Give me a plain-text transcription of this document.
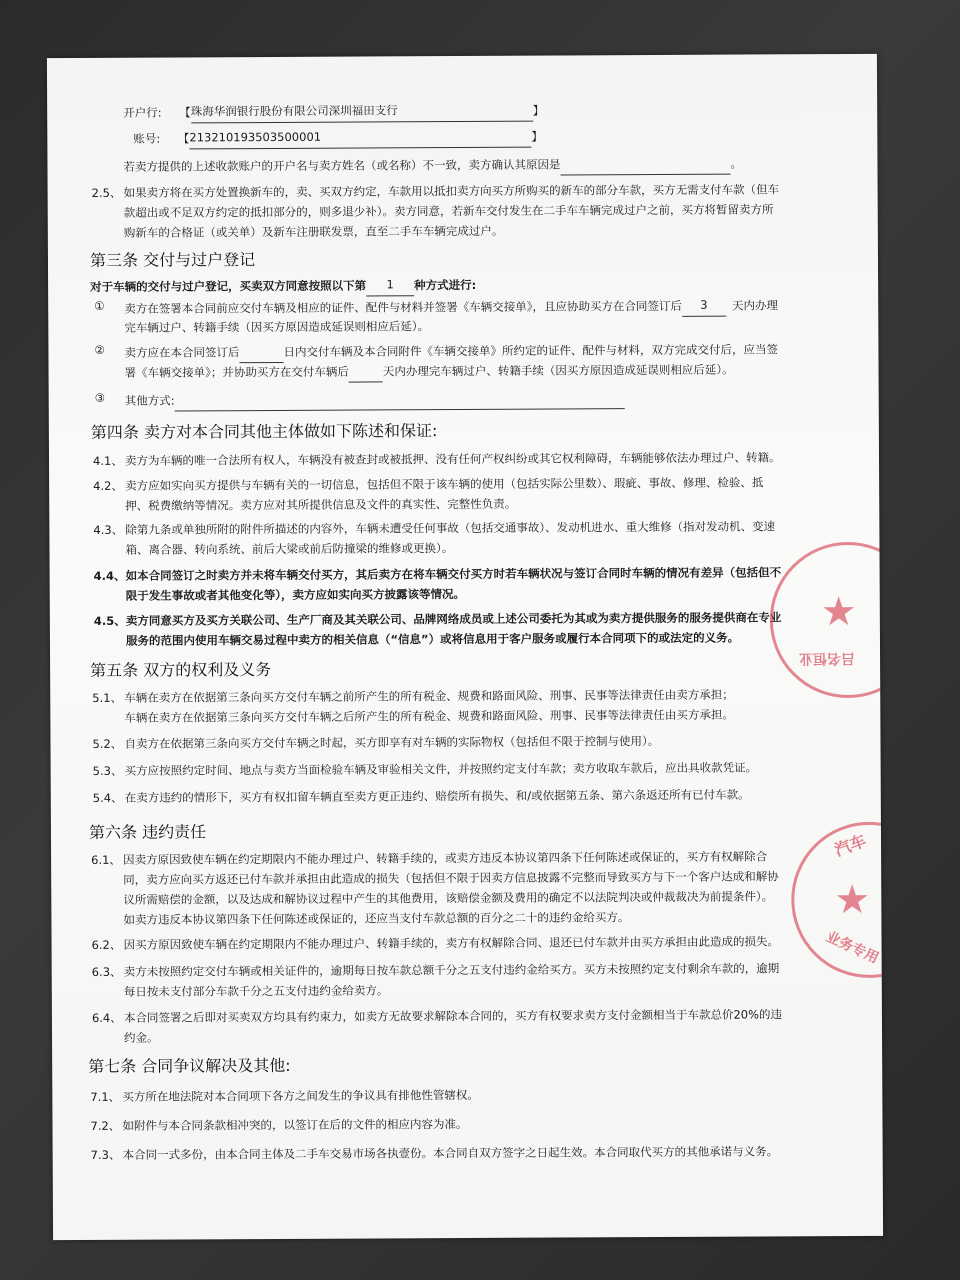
开户行: 【珠海华润银行股份有限公司深圳福田支行	】
账号: 【213210193503500001	】
若卖方提供的上述收款账户的开户名与卖方姓名（或名称）不一致，卖方确认其原因是	。
2.5、 如果卖方将在买方处置换新车的，卖、买双方约定，车款用以抵扣卖方向买方所购买的新车的部分车款，买方无需支付车款（但车
款超出或不足双方约定的抵扣部分的，则多退少补）。卖方同意，若新车交付发生在二手车车辆完成过户之前，买方将暂留卖方所
购新车的合格证（或关单）及新车注册联发票，直至二手车车辆完成过户。
第三条 交付与过户登记
对于车辆的交付与过户登记，买卖双方同意按照以下第 1 种方式进行:
① 卖方在签署本合同前应交付车辆及相应的证件、配件与材料并签署《车辆交接单》，且应协助买方在合同签订后 3 天内办理
完车辆过户、转籍手续（因买方原因造成延误则相应后延）。
② 卖方应在本合同签订后	日内交付车辆及本合同附件《车辆交接单》所约定的证件、配件与材料，双方完成交付后，应当签
署《车辆交接单》；并协助买方在交付车辆后	天内办理完车辆过户、转籍手续（因买方原因造成延误则相应后延）。
③ 其他方式:
第四条 卖方对本合同其他主体做如下陈述和保证:
4.1、 卖方为车辆的唯一合法所有权人，车辆没有被查封或被抵押、没有任何产权纠纷或其它权利障碍，车辆能够依法办理过户、转籍。
4.2、 卖方应如实向买方提供与车辆有关的一切信息，包括但不限于该车辆的使用（包括实际公里数）、瑕疵、事故、修理、检验、抵
押、税费缴纳等情况。卖方应对其所提供信息及文件的真实性、完整性负责。
4.3、 除第九条或单独所附的附件所描述的内容外，车辆未遭受任何事故（包括交通事故）、发动机进水、重大维修（指对发动机、变速
箱、离合器、转向系统、前后大梁或前后防撞梁的维修或更换）。
4.4、 如本合同签订之时卖方并未将车辆交付买方，其后卖方在将车辆交付买方时若车辆状况与签订合同时车辆的情况有差异（包括但不
限于发生事故或者其他变化等），卖方应如实向买方披露该等情况。
4.5、 卖方同意买方及买方关联公司、生产厂商及其关联公司、品牌网络成员或上述公司委托为其或为卖方提供服务的服务提供商在专业
服务的范围内使用车辆交易过程中卖方的相关信息（“信息”）或将信息用于客户服务或履行本合同项下的或法定的义务。
第五条 双方的权利及义务
5.1、 车辆在卖方在依据第三条向买方交付车辆之前所产生的所有税金、规费和路面风险、刑事、民事等法律责任由卖方承担；
车辆在卖方在依据第三条向买方交付车辆之后所产生的所有税金、规费和路面风险、刑事、民事等法律责任由买方承担。
5.2、 自卖方在依据第三条向买方交付车辆之时起，买方即享有对车辆的实际物权（包括但不限于控制与使用）。
5.3、 买方应按照约定时间、地点与卖方当面检验车辆及审验相关文件，并按照约定支付车款；卖方收取车款后，应出具收款凭证。
5.4、 在卖方违约的情形下，买方有权扣留车辆直至卖方更正违约、赔偿所有损失、和/或依据第五条、第六条返还所有已付车款。
第六条 违约责任
6.1、 因卖方原因致使车辆在约定期限内不能办理过户、转籍手续的，或卖方违反本协议第四条下任何陈述或保证的，买方有权解除合
同，卖方应向买方返还已付车款并承担由此造成的损失（包括但不限于因卖方信息披露不完整而导致买方与下一个客户达成和解协
议所需赔偿的金额，以及达成和解协议过程中产生的其他费用，该赔偿金额及费用的确定不以法院判决或仲裁裁决为前提条件）。
如卖方违反本协议第四条下任何陈述或保证的，还应当支付车款总额的百分之二十的违约金给买方。
6.2、 因买方原因致使车辆在约定期限内不能办理过户、转籍手续的，卖方有权解除合同、退还已付车款并由买方承担由此造成的损失。
6.3、 卖方未按照约定交付车辆或相关证件的，逾期每日按车款总额千分之五支付违约金给买方。买方未按照约定支付剩余车款的，逾期
每日按未支付部分车款千分之五支付违约金给卖方。
6.4、 本合同签署之后即对买卖双方均具有约束力，如卖方无故要求解除本合同的，买方有权要求卖方支付金额相当于车款总价20%的违
约金。
第七条 合同争议解决及其他:
7.1、 买方所在地法院对本合同项下各方之间发生的争议具有排他性管辖权。
7.2、 如附件与本合同条款相冲突的，以签订在后的文件的相应内容为准。
7.3、 本合同一式多份，由本合同主体及二手车交易市场各执壹份。本合同自双方签字之日起生效。本合同取代买方的其他承诺与义务。
★
吕名恒业
汽车
★
业务专用
